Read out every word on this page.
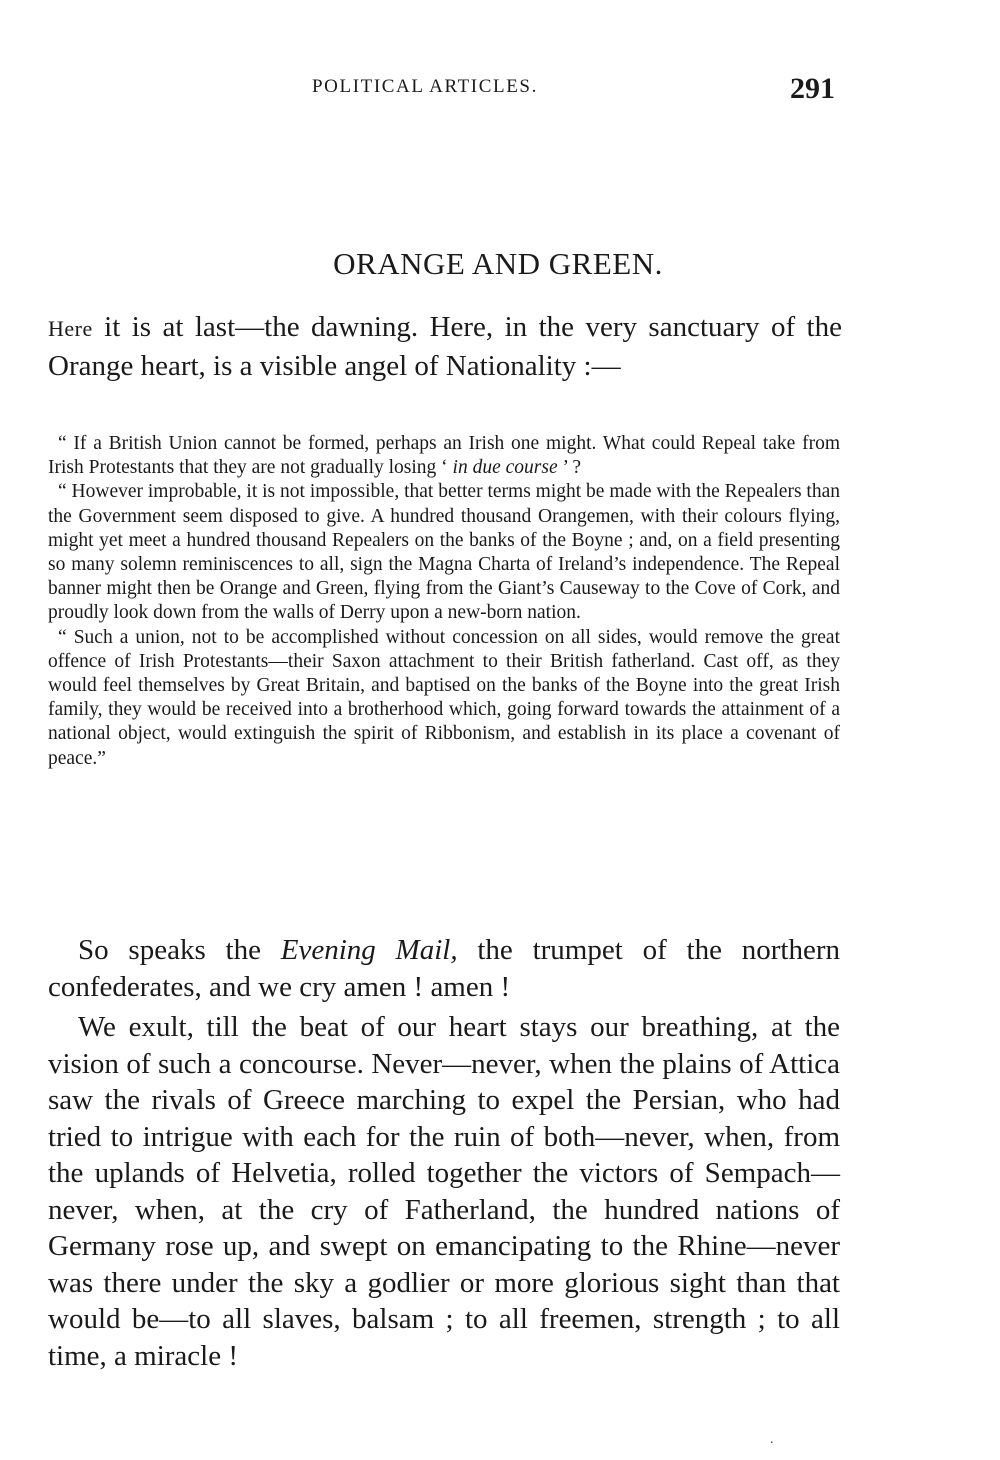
POLITICAL ARTICLES.	291
ORANGE AND GREEN.

Here it is at last—the dawning. Here, in the very sanctuary of the Orange heart, is a visible angel of Nationality :—

“ If a British Union cannot be formed, perhaps an Irish one might. What could Repeal take from Irish Protestants that they are not gradually losing ‘ in due course ’ ?

“ However improbable, it is not impossible, that better terms might be made with the Repealers than the Government seem disposed to give. A hundred thousand Orangemen, with their colours flying, might yet meet a hundred thousand Repealers on the banks of the Boyne ; and, on a field presenting so many solemn reminiscences to all, sign the Magna Charta of Ireland’s independence. The Repeal banner might then be Orange and Green, flying from the Giant’s Causeway to the Cove of Cork, and proudly look down from the walls of Derry upon a new-born nation.

“ Such a union, not to be accomplished without concession on all sides, would remove the great offence of Irish Protestants—their Saxon attachment to their British fatherland. Cast off, as they would feel themselves by Great Britain, and baptised on the banks of the Boyne into the great Irish family, they would be received into a brotherhood which, going forward towards the attainment of a national object, would extinguish the spirit of Ribbonism, and establish in its place a covenant of peace.”

So speaks the Evening Mail, the trumpet of the northern confederates, and we cry amen ! amen !

We exult, till the beat of our heart stays our breathing, at the vision of such a concourse. Never—never, when the plains of Attica saw the rivals of Greece marching to expel the Persian, who had tried to intrigue with each for the ruin of both—never, when, from the uplands of Helvetia, rolled together the victors of Sempach—never, when, at the cry of Fatherland, the hundred nations of Germany rose up, and swept on emancipating to the Rhine—never was there under the sky a godlier or more glorious sight than that would be—to all slaves, balsam ; to all freemen, strength ; to all time, a miracle !

.
